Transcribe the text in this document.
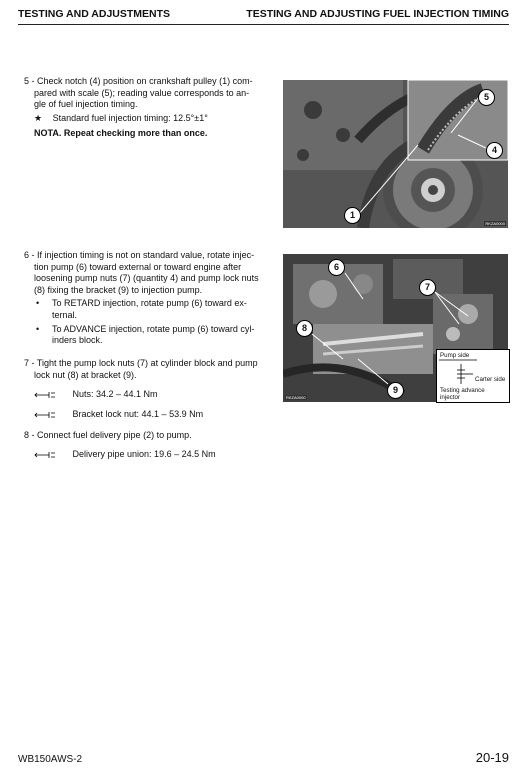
TESTING AND ADJUSTMENTS	TESTING AND ADJUSTING FUEL INJECTION TIMING
5 - Check notch (4) position on crankshaft pulley (1) com-
pared with scale (5); reading value corresponds to an-
gle of fuel injection timing.
★ Standard fuel injection timing: 12.5°±1°
NOTA. Repeat checking more than once.
5
4
1
RKZA0000
6 - If injection timing is not on standard value, rotate injec-
tion pump (6) toward external or toward engine after
loosening pump nuts (7) (quantity 4) and pump lock nuts
(8) fixing the bracket (9) to injection pump.
• To RETARD injection, rotate pump (6) toward ex-
ternal.
• To ADVANCE injection, rotate pump (6) toward cyl-
inders block.
6
7
8
9
RKZA0000
Pump side
Carter side
Testing advance
injector
7 - Tight the pump lock nuts (7) at cylinder block and pump
lock nut (8) at bracket (9).
Nuts: 34.2 – 44.1 Nm
Bracket lock nut: 44.1 – 53.9 Nm
8 - Connect fuel delivery pipe (2) to pump.
Delivery pipe union: 19.6 – 24.5 Nm
WB150AWS-2	20-19
